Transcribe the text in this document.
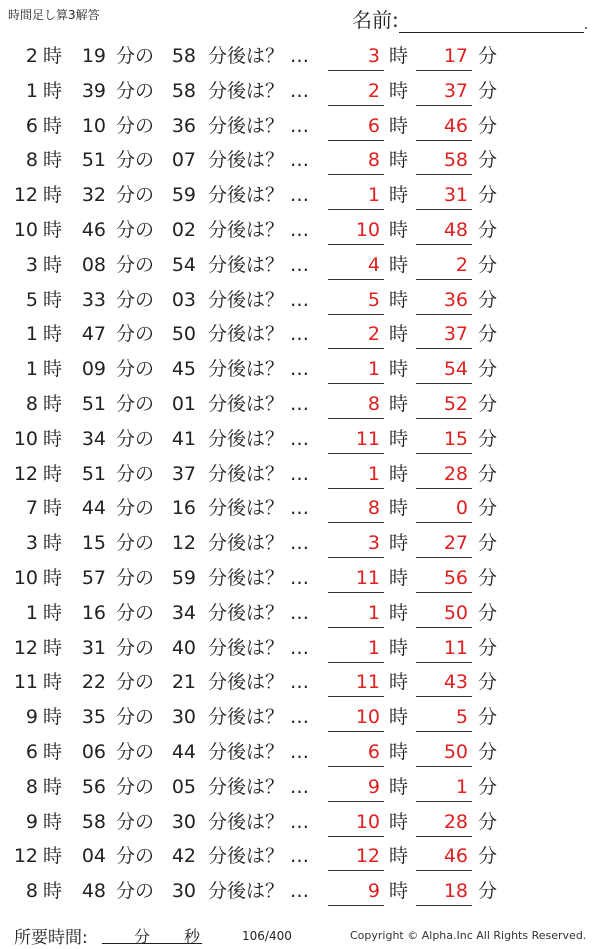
時間足し算3解答	名前:	.
2 時	19 分の 58 分後は？ …	3 時	17 分
1 時	39 分の 58 分後は？ …	2 時	37 分
6 時	10 分の 36 分後は？ …	6 時	46 分
8 時	51 分の 07 分後は？ …	8 時	58 分
12 時	32 分の 59 分後は？ …	1 時	31 分
10 時	46 分の 02 分後は？ …	10 時	48 分
3 時	08 分の 54 分後は？ …	4 時	2 分
5 時	33 分の 03 分後は？ …	5 時	36 分
1 時	47 分の 50 分後は？ …	2 時	37 分
1 時	09 分の 45 分後は？ …	1 時	54 分
8 時	51 分の 01 分後は？ …	8 時	52 分
10 時	34 分の 41 分後は？ …	11 時	15 分
12 時	51 分の 37 分後は？ …	1 時	28 分
7 時	44 分の 16 分後は？ …	8 時	0 分
3 時	15 分の 12 分後は？ …	3 時	27 分
10 時	57 分の 59 分後は？ …	11 時	56 分
1 時	16 分の 34 分後は？ …	1 時	50 分
12 時	31 分の 40 分後は？ …	1 時	11 分
11 時	22 分の 21 分後は？ …	11 時	43 分
9 時	35 分の 30 分後は？ …	10 時	5 分
6 時	06 分の 44 分後は？ …	6 時	50 分
8 時	56 分の 05 分後は？ …	9 時	1 分
9 時	58 分の 30 分後は？ …	10 時	28 分
12 時	04 分の 42 分後は？ …	12 時	46 分
8 時	48 分の 30 分後は？ …	9 時	18 分
所要時間:	分 秒	106/400	Copyright © Alpha.Inc All Rights Reserved.
